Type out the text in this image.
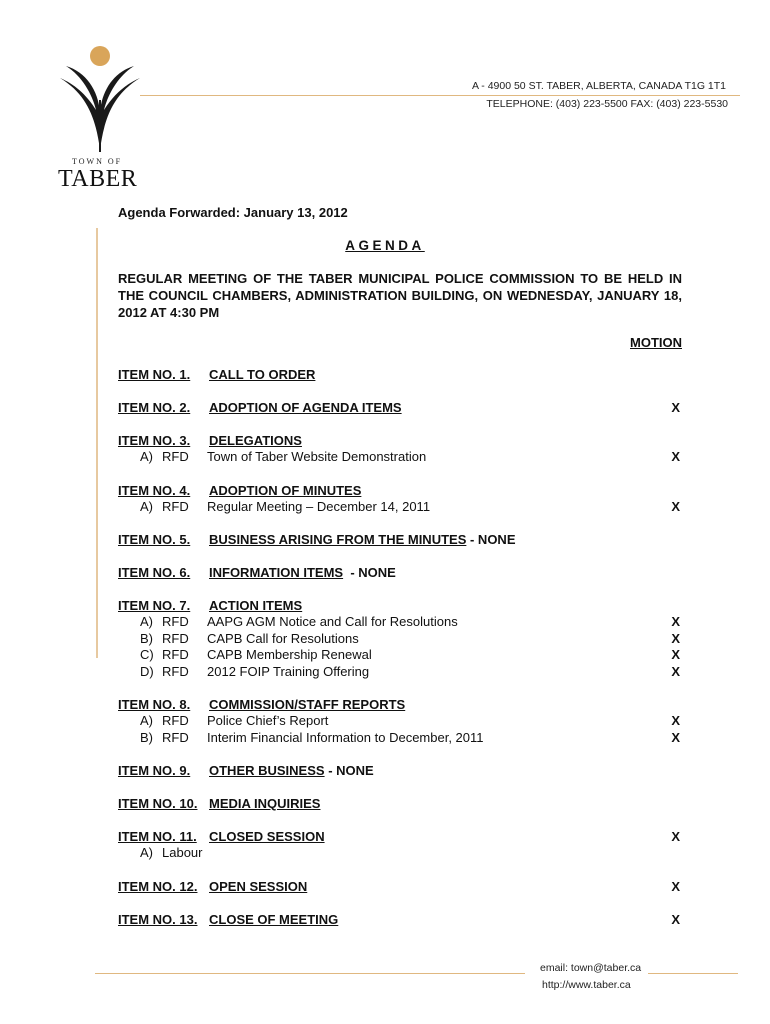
TOWN OF
TABER
A - 4900 50 ST. TABER, ALBERTA, CANADA T1G 1T1
TELEPHONE: (403) 223-5500 FAX: (403) 223-5530
Agenda Forwarded: January 13, 2012
AGENDA
REGULAR MEETING OF THE TABER MUNICIPAL POLICE COMMISSION TO BE HELD IN THE COUNCIL CHAMBERS, ADMINISTRATION BUILDING, ON WEDNESDAY, JANUARY 18, 2012 AT 4:30 PM
MOTION
ITEM NO. 1. CALL TO ORDER
ITEM NO. 2. ADOPTION OF AGENDA ITEMS	X
ITEM NO. 3. DELEGATIONS
A) RFD Town of Taber Website Demonstration	X
ITEM NO. 4. ADOPTION OF MINUTES
A) RFD Regular Meeting – December 14, 2011	X
ITEM NO. 5. BUSINESS ARISING FROM THE MINUTES - NONE
ITEM NO. 6. INFORMATION ITEMS  - NONE
ITEM NO. 7. ACTION ITEMS
A) RFD AAPG AGM Notice and Call for Resolutions	X
B) RFD CAPB Call for Resolutions	X
C) RFD CAPB Membership Renewal	X
D) RFD 2012 FOIP Training Offering	X
ITEM NO. 8. COMMISSION/STAFF REPORTS
A) RFD Police Chief’s Report	X
B) RFD Interim Financial Information to December, 2011	X
ITEM NO. 9. OTHER BUSINESS - NONE
ITEM NO. 10. MEDIA INQUIRIES
ITEM NO. 11. CLOSED SESSION	X
A) Labour
ITEM NO. 12. OPEN SESSION	X
ITEM NO. 13. CLOSE OF MEETING	X
email: town@taber.ca
http://www.taber.ca
